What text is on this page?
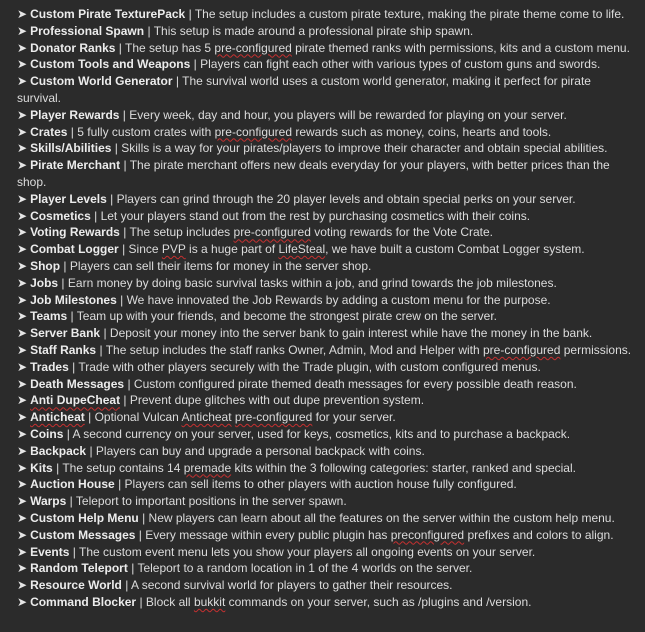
➤ Custom Pirate TexturePack | The setup includes a custom pirate texture, making the pirate theme come to life.
➤ Professional Spawn | This setup is made around a professional pirate ship spawn.
➤ Donator Ranks | The setup has 5 pre-configured pirate themed ranks with permissions, kits and a custom menu.
➤ Custom Tools and Weapons | Players can fight each other with various types of custom guns and swords.
➤ Custom World Generator | The survival world uses a custom world generator, making it perfect for pirate survival.
➤ Player Rewards | Every week, day and hour, you players will be rewarded for playing on your server.
➤ Crates | 5 fully custom crates with pre-configured rewards such as money, coins, hearts and tools.
➤ Skills/Abilities | Skills is a way for your pirates/players to improve their character and obtain special abilities.
➤ Pirate Merchant | The pirate merchant offers new deals everyday for your players, with better prices than the shop.
➤ Player Levels | Players can grind through the 20 player levels and obtain special perks on your server.
➤ Cosmetics | Let your players stand out from the rest by purchasing cosmetics with their coins.
➤ Voting Rewards | The setup includes pre-configured voting rewards for the Vote Crate.
➤ Combat Logger | Since PVP is a huge part of LifeSteal, we have built a custom Combat Logger system.
➤ Shop | Players can sell their items for money in the server shop.
➤ Jobs | Earn money by doing basic survival tasks within a job, and grind towards the job milestones.
➤ Job Milestones | We have innovated the Job Rewards by adding a custom menu for the purpose.
➤ Teams | Team up with your friends, and become the strongest pirate crew on the server.
➤ Server Bank | Deposit your money into the server bank to gain interest while have the money in the bank.
➤ Staff Ranks | The setup includes the staff ranks Owner, Admin, Mod and Helper with pre-configured permissions.
➤ Trades | Trade with other players securely with the Trade plugin, with custom configured menus.
➤ Death Messages | Custom configured pirate themed death messages for every possible death reason.
➤ Anti DupeCheat | Prevent dupe glitches with out dupe prevention system.
➤ Anticheat | Optional Vulcan Anticheat pre-configured for your server.
➤ Coins | A second currency on your server, used for keys, cosmetics, kits and to purchase a backpack.
➤ Backpack | Players can buy and upgrade a personal backpack with coins.
➤ Kits | The setup contains 14 premade kits within the 3 following categories: starter, ranked and special.
➤ Auction House | Players can sell items to other players with auction house fully configured.
➤ Warps | Teleport to important positions in the server spawn.
➤ Custom Help Menu | New players can learn about all the features on the server within the custom help menu.
➤ Custom Messages | Every message within every public plugin has preconfigured prefixes and colors to align.
➤ Events | The custom event menu lets you show your players all ongoing events on your server.
➤ Random Teleport | Teleport to a random location in 1 of the 4 worlds on the server.
➤ Resource World | A second survival world for players to gather their resources.
➤ Command Blocker | Block all bukkit commands on your server, such as /plugins and /version.
